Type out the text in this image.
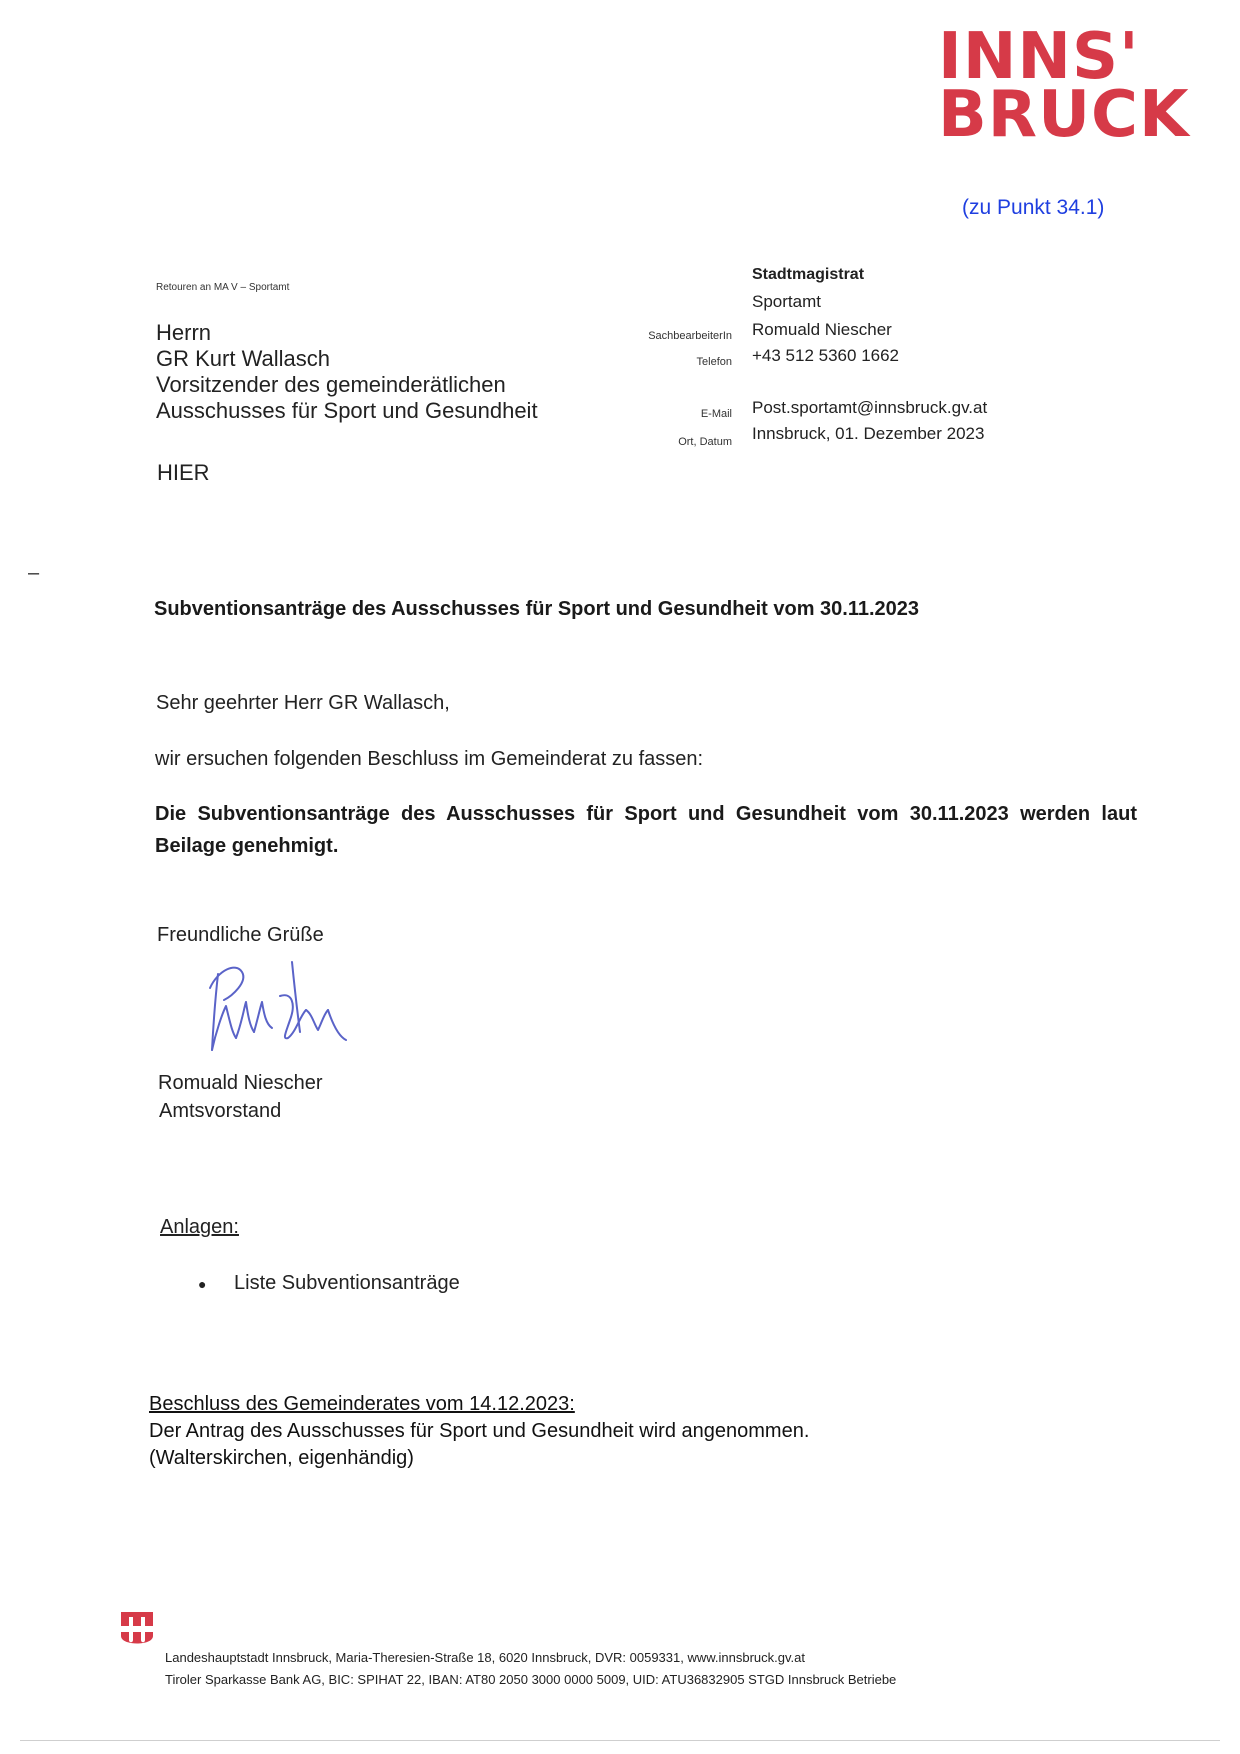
INNS'
BRUCK
(zu Punkt 34.1)
Retouren an MA V – Sportamt
Herrn
GR Kurt Wallasch
Vorsitzender des gemeinderätlichen
Ausschusses für Sport und Gesundheit
HIER
Stadtmagistrat
Sportamt
SachbearbeiterIn Romuald Niescher
Telefon +43 512 5360 1662
E-Mail Post.sportamt@innsbruck.gv.at
Ort, Datum Innsbruck, 01. Dezember 2023
–
Subventionsanträge des Ausschusses für Sport und Gesundheit vom 30.11.2023
Sehr geehrter Herr GR Wallasch,
wir ersuchen folgenden Beschluss im Gemeinderat zu fassen:
Die Subventionsanträge des Ausschusses für Sport und Gesundheit vom 30.11.2023 werden laut Beilage genehmigt.
Freundliche Grüße
Romuald Niescher
Amtsvorstand
Anlagen:
● Liste Subventionsanträge
Beschluss des Gemeinderates vom 14.12.2023:
Der Antrag des Ausschusses für Sport und Gesundheit wird angenommen.
(Walterskirchen, eigenhändig)
Landeshauptstadt Innsbruck, Maria-Theresien-Straße 18, 6020 Innsbruck, DVR: 0059331, www.innsbruck.gv.at
Tiroler Sparkasse Bank AG, BIC: SPIHAT 22, IBAN: AT80 2050 3000 0000 5009, UID: ATU36832905 STGD Innsbruck Betriebe
